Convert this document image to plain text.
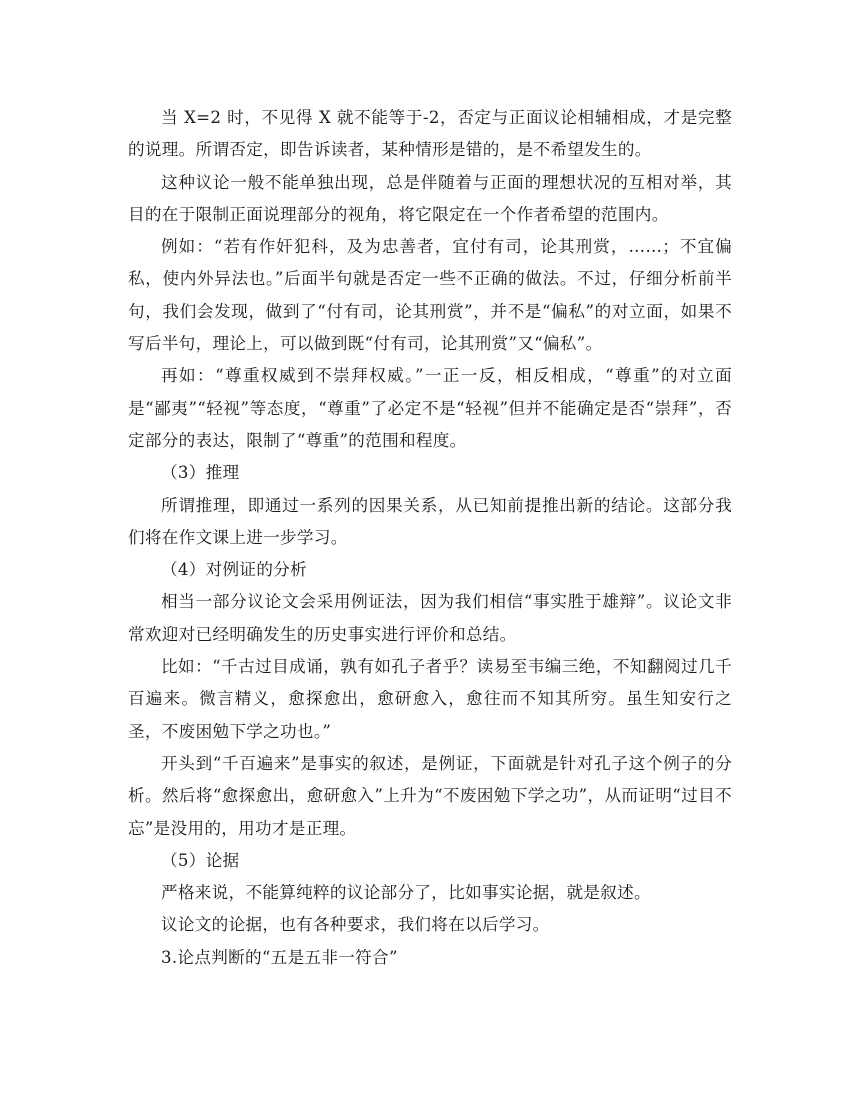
当 X=2 时，不见得 X 就不能等于-2，否定与正面议论相辅相成，才是完整的说理。所谓否定，即告诉读者，某种情形是错的，是不希望发生的。

这种议论一般不能单独出现，总是伴随着与正面的理想状况的互相对举，其目的在于限制正面说理部分的视角，将它限定在一个作者希望的范围内。

例如：“若有作奸犯科，及为忠善者，宜付有司，论其刑赏，……；不宜偏私，使内外异法也。”后面半句就是否定一些不正确的做法。不过，仔细分析前半句，我们会发现，做到了“付有司，论其刑赏”，并不是“偏私”的对立面，如果不写后半句，理论上，可以做到既“付有司，论其刑赏”又“偏私”。

再如：“尊重权威到不崇拜权威。”一正一反，相反相成，“尊重”的对立面是“鄙夷”“轻视”等态度，“尊重”了必定不是“轻视”但并不能确定是否“崇拜”，否定部分的表达，限制了“尊重”的范围和程度。

（3）推理

所谓推理，即通过一系列的因果关系，从已知前提推出新的结论。这部分我们将在作文课上进一步学习。

（4）对例证的分析

相当一部分议论文会采用例证法，因为我们相信“事实胜于雄辩”。议论文非常欢迎对已经明确发生的历史事实进行评价和总结。

比如：“千古过目成诵，孰有如孔子者乎？读易至韦编三绝，不知翻阅过几千百遍来。微言精义，愈探愈出，愈研愈入，愈往而不知其所穷。虽生知安行之圣，不废困勉下学之功也。”

开头到“千百遍来”是事实的叙述，是例证，下面就是针对孔子这个例子的分析。然后将“愈探愈出，愈研愈入”上升为“不废困勉下学之功”，从而证明“过目不忘”是没用的，用功才是正理。

（5）论据

严格来说，不能算纯粹的议论部分了，比如事实论据，就是叙述。

议论文的论据，也有各种要求，我们将在以后学习。

3.论点判断的“五是五非一符合”
